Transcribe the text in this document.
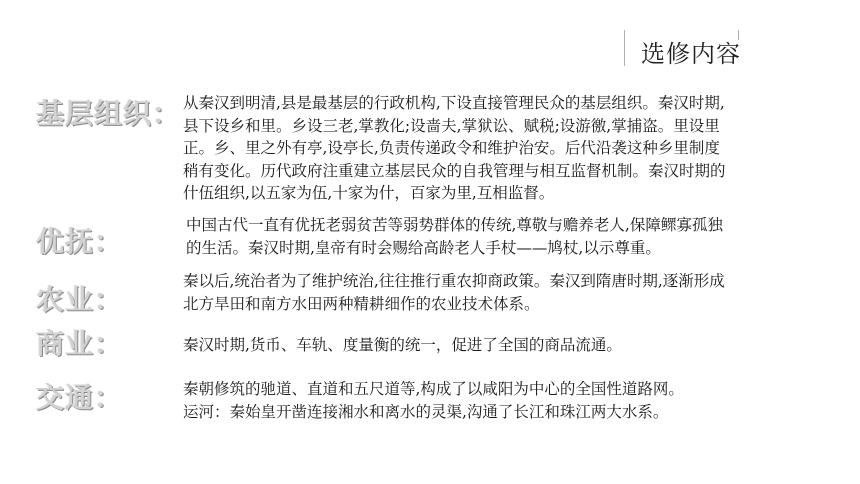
选修内容
基层组织： 从秦汉到明清,县是最基层的行政机构,下设直接管理民众的基层组织。秦汉时期,
县下设乡和里。乡设三老,掌教化;设啬夫,掌狱讼、赋税;设游徼,掌捕盗。里设里
正。乡、里之外有亭,设亭长,负责传递政令和维护治安。后代沿袭这种乡里制度
稍有变化。历代政府注重建立基层民众的自我管理与相互监督机制。秦汉时期的
什伍组织,以五家为伍,十家为什，百家为里,互相监督。
优抚：	中国古代一直有优抚老弱贫苦等弱势群体的传统,尊敬与赡养老人,保障鳏寡孤独
的生活。秦汉时期,皇帝有时会赐给高龄老人手杖——鸠杖,以示尊重。
农业：
秦以后,统治者为了维护统治,往往推行重农抑商政策。秦汉到隋唐时期,逐渐形成
北方旱田和南方水田两种精耕细作的农业技术体系。
商业：	秦汉时期,货币、车轨、度量衡的统一，促进了全国的商品流通。
交通：	秦朝修筑的驰道、直道和五尺道等,构成了以咸阳为中心的全国性道路网。
运河：秦始皇开凿连接湘水和离水的灵渠,沟通了长江和珠江两大水系。
